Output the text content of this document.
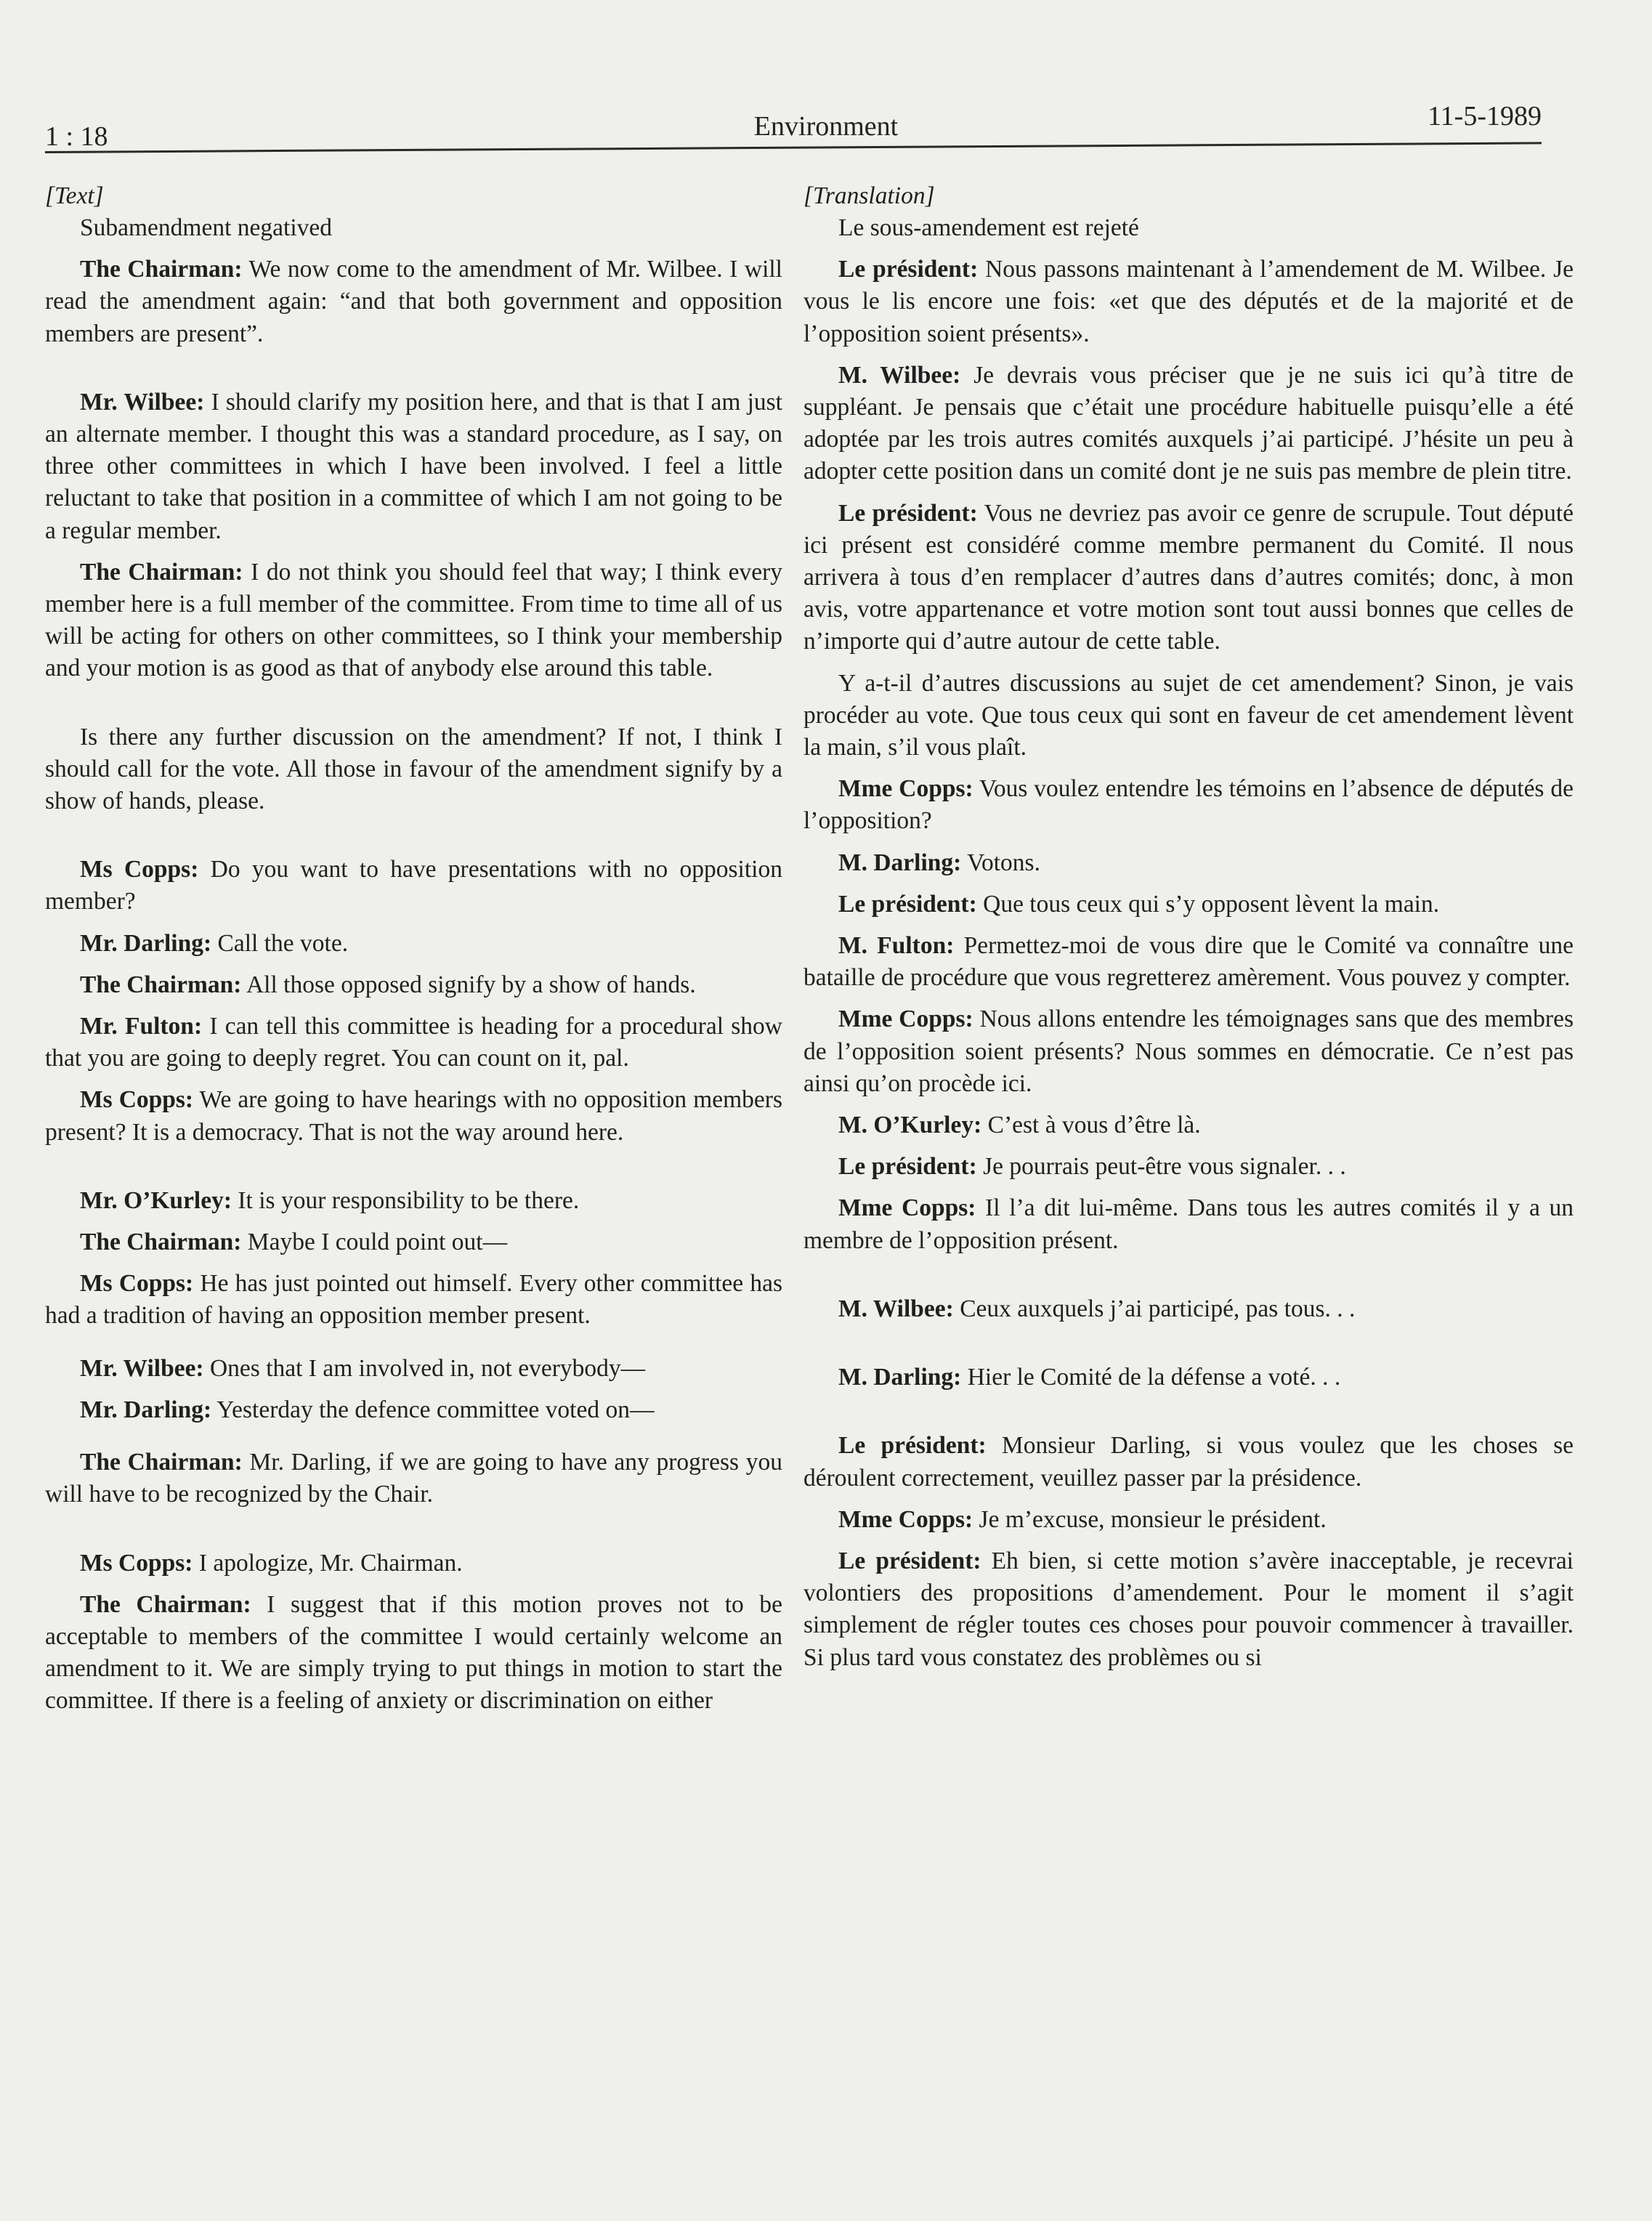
1 : 18	Environment	11-5-1989
[Text]

Subamendment negatived

The Chairman: We now come to the amendment of Mr. Wilbee. I will read the amendment again: “and that both government and opposition members are present”.

Mr. Wilbee: I should clarify my position here, and that is that I am just an alternate member. I thought this was a standard procedure, as I say, on three other committees in which I have been involved. I feel a little reluctant to take that position in a committee of which I am not going to be a regular member.

The Chairman: I do not think you should feel that way; I think every member here is a full member of the committee. From time to time all of us will be acting for others on other committees, so I think your membership and your motion is as good as that of anybody else around this table.

Is there any further discussion on the amendment? If not, I think I should call for the vote. All those in favour of the amendment signify by a show of hands, please.

Ms Copps: Do you want to have presentations with no opposition member?

Mr. Darling: Call the vote.

The Chairman: All those opposed signify by a show of hands.

Mr. Fulton: I can tell this committee is heading for a procedural show that you are going to deeply regret. You can count on it, pal.

Ms Copps: We are going to have hearings with no opposition members present? It is a democracy. That is not the way around here.

Mr. O’Kurley: It is your responsibility to be there.

The Chairman: Maybe I could point out—

Ms Copps: He has just pointed out himself. Every other committee has had a tradition of having an opposition member present.

Mr. Wilbee: Ones that I am involved in, not everybody—

Mr. Darling: Yesterday the defence committee voted on—

The Chairman: Mr. Darling, if we are going to have any progress you will have to be recognized by the Chair.

Ms Copps: I apologize, Mr. Chairman.

The Chairman: I suggest that if this motion proves not to be acceptable to members of the committee I would certainly welcome an amendment to it. We are simply trying to put things in motion to start the committee. If there is a feeling of anxiety or discrimination on either

[Translation]

Le sous-amendement est rejeté

Le président: Nous passons maintenant à l’amendement de M. Wilbee. Je vous le lis encore une fois: «et que des députés et de la majorité et de l’opposition soient présents».

M. Wilbee: Je devrais vous préciser que je ne suis ici qu’à titre de suppléant. Je pensais que c’était une procédure habituelle puisqu’elle a été adoptée par les trois autres comités auxquels j’ai participé. J’hésite un peu à adopter cette position dans un comité dont je ne suis pas membre de plein titre.

Le président: Vous ne devriez pas avoir ce genre de scrupule. Tout député ici présent est considéré comme membre permanent du Comité. Il nous arrivera à tous d’en remplacer d’autres dans d’autres comités; donc, à mon avis, votre appartenance et votre motion sont tout aussi bonnes que celles de n’importe qui d’autre autour de cette table.

Y a-t-il d’autres discussions au sujet de cet amendement? Sinon, je vais procéder au vote. Que tous ceux qui sont en faveur de cet amendement lèvent la main, s’il vous plaît.

Mme Copps: Vous voulez entendre les témoins en l’absence de députés de l’opposition?

M. Darling: Votons.

Le président: Que tous ceux qui s’y opposent lèvent la main.

M. Fulton: Permettez-moi de vous dire que le Comité va connaître une bataille de procédure que vous regretterez amèrement. Vous pouvez y compter.

Mme Copps: Nous allons entendre les témoignages sans que des membres de l’opposition soient présents? Nous sommes en démocratie. Ce n’est pas ainsi qu’on procède ici.

M. O’Kurley: C’est à vous d’être là.

Le président: Je pourrais peut-être vous signaler. . .

Mme Copps: Il l’a dit lui-même. Dans tous les autres comités il y a un membre de l’opposition présent.

M. Wilbee: Ceux auxquels j’ai participé, pas tous. . .

M. Darling: Hier le Comité de la défense a voté. . .

Le président: Monsieur Darling, si vous voulez que les choses se déroulent correctement, veuillez passer par la présidence.

Mme Copps: Je m’excuse, monsieur le président.

Le président: Eh bien, si cette motion s’avère inacceptable, je recevrai volontiers des propositions d’amendement. Pour le moment il s’agit simplement de régler toutes ces choses pour pouvoir commencer à travailler. Si plus tard vous constatez des problèmes ou si
